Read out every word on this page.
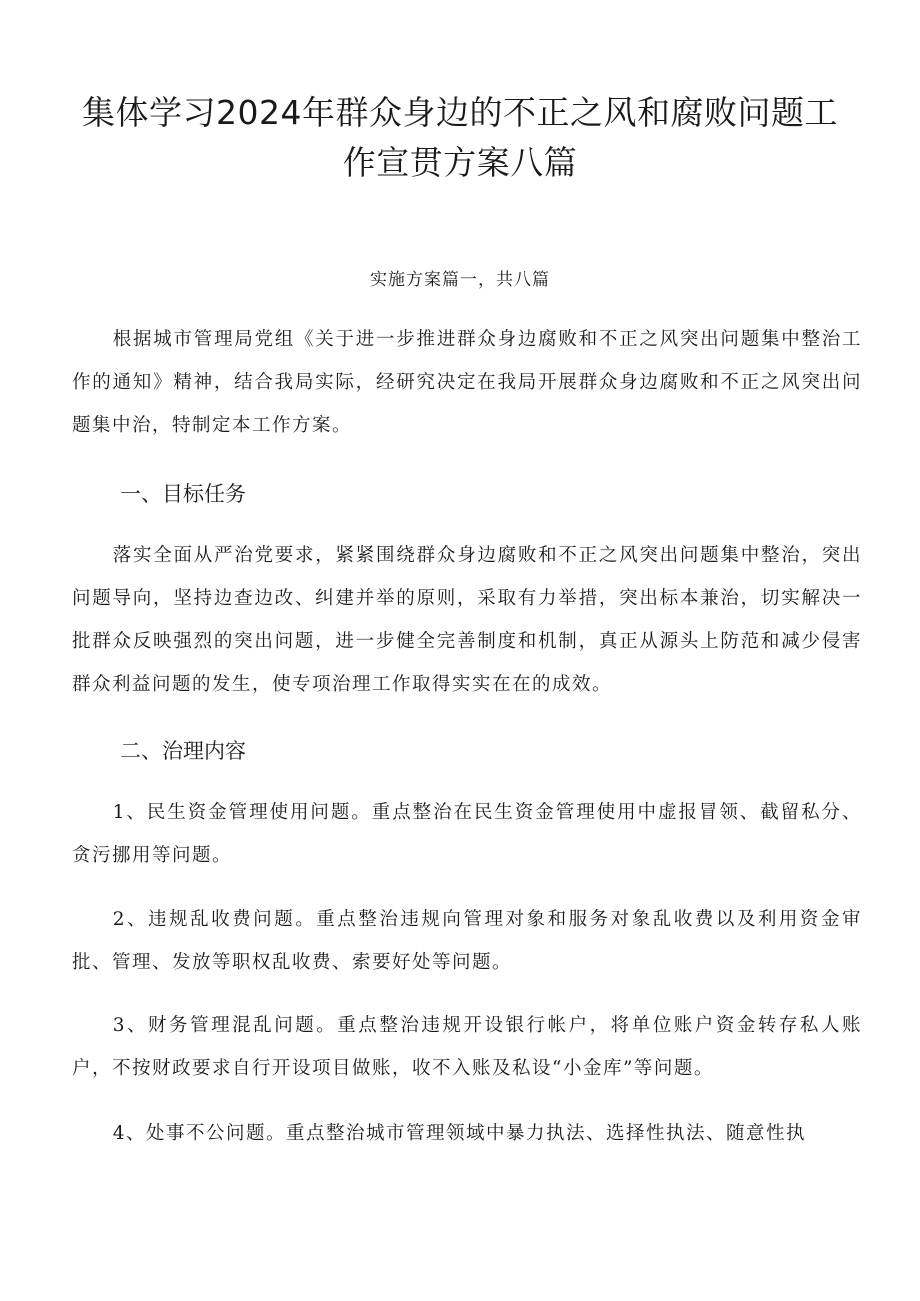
集体学习2024年群众身边的不正之风和腐败问题工
作宣贯方案八篇
实施方案篇一，共八篇

根据城市管理局党组《关于进一步推进群众身边腐败和不正之风突出问题集中整治工作的通知》精神，结合我局实际，经研究决定在我局开展群众身边腐败和不正之风突出问题集中治，特制定本工作方案。

一、目标任务

落实全面从严治党要求，紧紧围绕群众身边腐败和不正之风突出问题集中整治，突出问题导向，坚持边查边改、纠建并举的原则，采取有力举措，突出标本兼治，切实解决一批群众反映强烈的突出问题，进一步健全完善制度和机制，真正从源头上防范和减少侵害群众利益问题的发生，使专项治理工作取得实实在在的成效。

二、治理内容

1、民生资金管理使用问题。重点整治在民生资金管理使用中虚报冒领、截留私分、贪污挪用等问题。

2、违规乱收费问题。重点整治违规向管理对象和服务对象乱收费以及利用资金审批、管理、发放等职权乱收费、索要好处等问题。

3、财务管理混乱问题。重点整治违规开设银行帐户，将单位账户资金转存私人账户，不按财政要求自行开设项目做账，收不入账及私设“小金库”等问题。

4、处事不公问题。重点整治城市管理领域中暴力执法、选择性执法、随意性执
